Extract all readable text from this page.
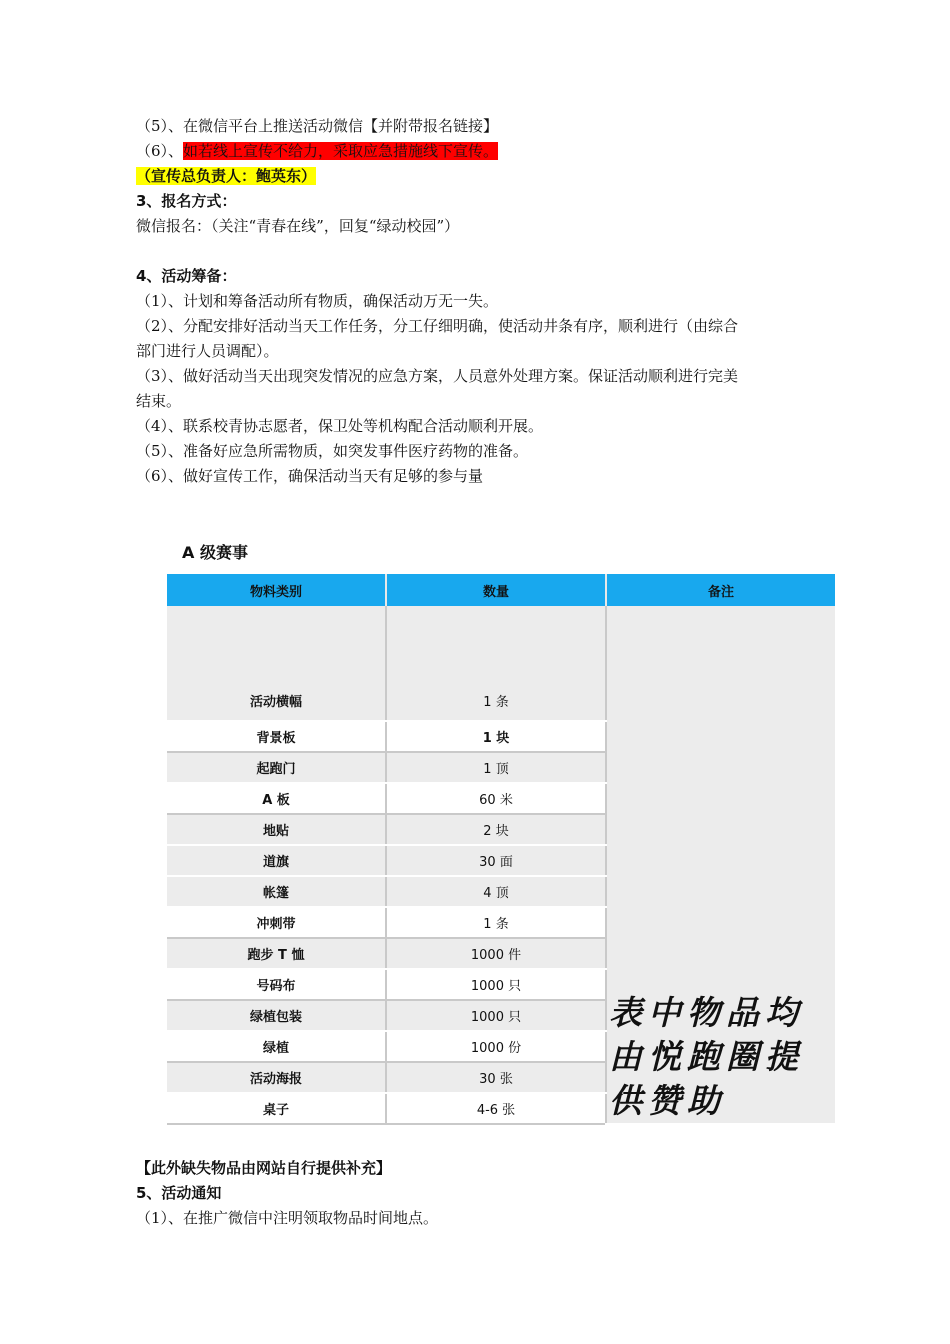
（5）、在微信平台上推送活动微信【并附带报名链接】
（6）、如若线上宣传不给力，采取应急措施线下宣传。
（宣传总负责人：鲍英东）
3、报名方式：
微信报名：（关注“青春在线”，回复“绿动校园”）
4、活动筹备：
（1）、计划和筹备活动所有物质，确保活动万无一失。
（2）、分配安排好活动当天工作任务，分工仔细明确，使活动井条有序，顺利进行（由综合
部门进行人员调配）。
（3）、做好活动当天出现突发情况的应急方案，人员意外处理方案。保证活动顺利进行完美
结束。
（4）、联系校青协志愿者，保卫处等机构配合活动顺利开展。
（5）、准备好应急所需物质，如突发事件医疗药物的准备。
（6）、做好宣传工作，确保活动当天有足够的参与量
A 级赛事
物料类别	数量	备注
活动横幅	1 条	表中物品均由悦跑圈提供赞助
背景板	1 块	
起跑门	1 顶	
A 板	60 米	
地贴	2 块	
道旗	30 面	
帐篷	4 顶	
冲刺带	1 条	
跑步 T 恤	1000 件	
号码布	1000 只	
绿植包装	1000 只	
绿植	1000 份	
活动海报	30 张	
桌子	4-6 张	
【此外缺失物品由网站自行提供补充】
5、活动通知
（1）、在推广微信中注明领取物品时间地点。
